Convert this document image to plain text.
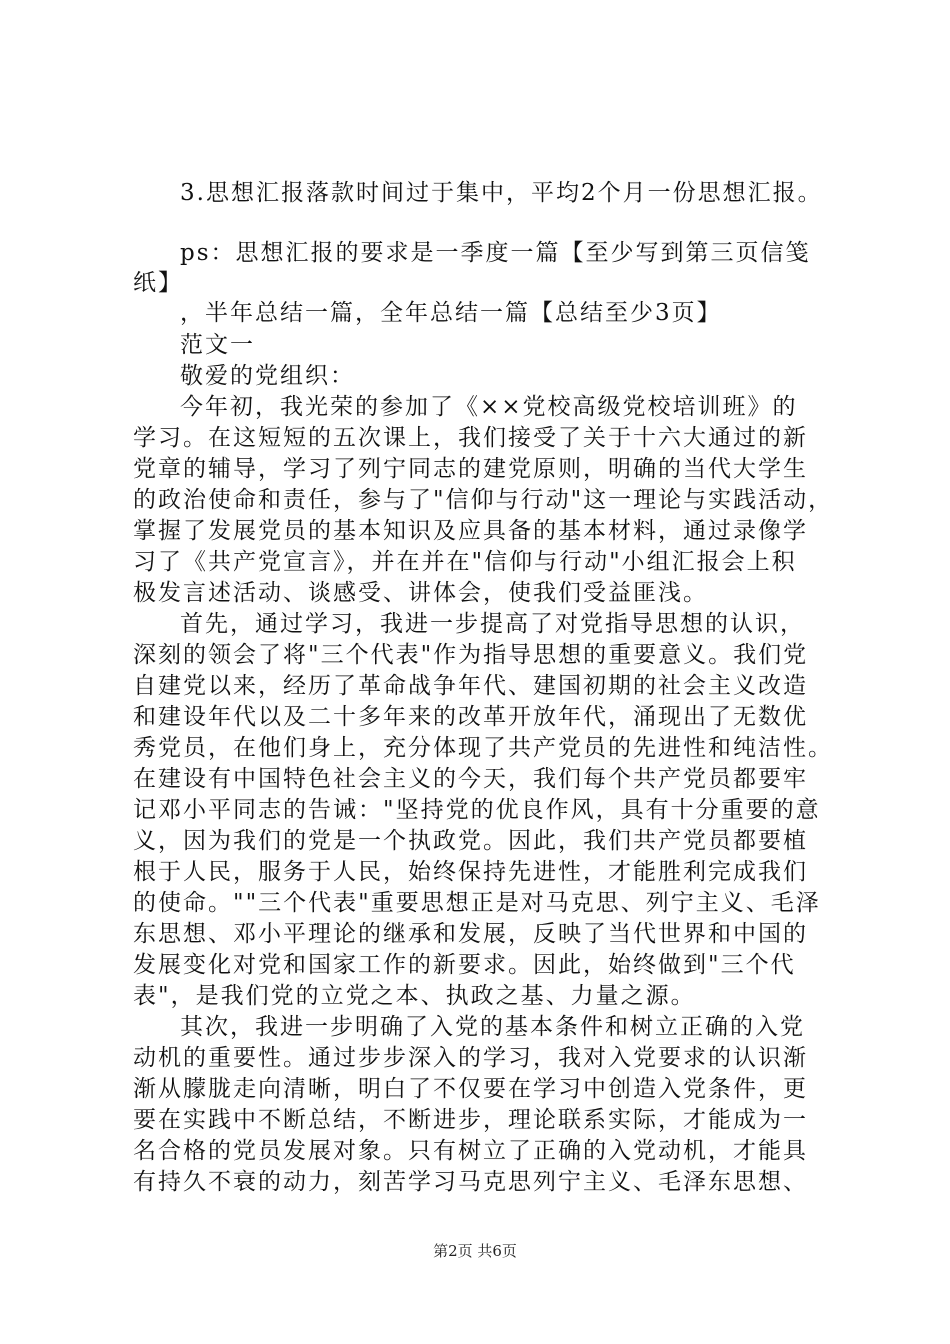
3.思想汇报落款时间过于集中，平均2个月一份思想汇报。
ps：思想汇报的要求是一季度一篇【至少写到第三页信笺
纸】
，半年总结一篇，全年总结一篇【总结至少3页】
范文一
敬爱的党组织：
今年初，我光荣的参加了《××党校高级党校培训班》的
学习。在这短短的五次课上，我们接受了关于十六大通过的新
党章的辅导，学习了列宁同志的建党原则，明确的当代大学生
的政治使命和责任，参与了"信仰与行动"这一理论与实践活动，
掌握了发展党员的基本知识及应具备的基本材料，通过录像学
习了《共产党宣言》，并在并在"信仰与行动"小组汇报会上积
极发言述活动、谈感受、讲体会，使我们受益匪浅。
首先，通过学习，我进一步提高了对党指导思想的认识，
深刻的领会了将"三个代表"作为指导思想的重要意义。我们党
自建党以来，经历了革命战争年代、建国初期的社会主义改造
和建设年代以及二十多年来的改革开放年代，涌现出了无数优
秀党员，在他们身上，充分体现了共产党员的先进性和纯洁性。
在建设有中国特色社会主义的今天，我们每个共产党员都要牢
记邓小平同志的告诫："坚持党的优良作风，具有十分重要的意
义，因为我们的党是一个执政党。因此，我们共产党员都要植
根于人民，服务于人民，始终保持先进性，才能胜利完成我们
的使命。""三个代表"重要思想正是对马克思、列宁主义、毛泽
东思想、邓小平理论的继承和发展，反映了当代世界和中国的
发展变化对党和国家工作的新要求。因此，始终做到"三个代
表"，是我们党的立党之本、执政之基、力量之源。
其次，我进一步明确了入党的基本条件和树立正确的入党
动机的重要性。通过步步深入的学习，我对入党要求的认识渐
渐从朦胧走向清晰，明白了不仅要在学习中创造入党条件，更
要在实践中不断总结，不断进步，理论联系实际，才能成为一
名合格的党员发展对象。只有树立了正确的入党动机，才能具
有持久不衰的动力，刻苦学习马克思列宁主义、毛泽东思想、
第2页 共6页
